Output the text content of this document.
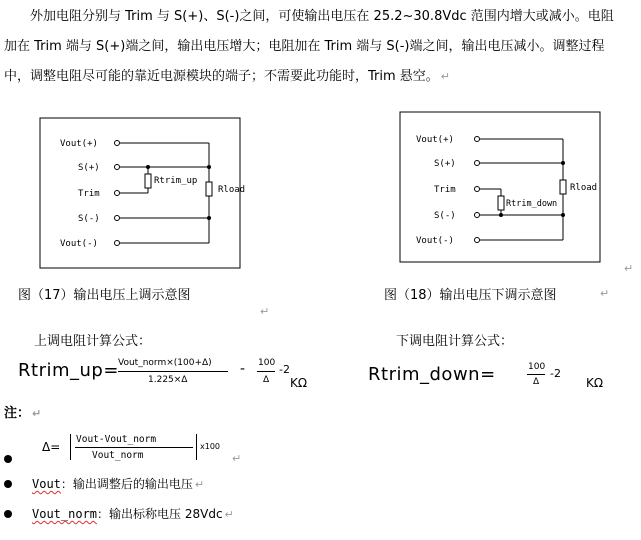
外加电阻分别与 Trim 与 S(+)、S(-)之间，可使输出电压在 25.2~30.8Vdc 范围内增大或减小。电阻

加在 Trim 端与 S(+)端之间，输出电压增大；电阻加在 Trim 端与 S(-)端之间，输出电压减小。调整过程

中，调整电阻尽可能的靠近电源模块的端子；不需要此功能时，Trim 悬空。 ↵

Vout(+)
S(+)
Trim
S(-)
Vout(-)
Rtrim_up
Rload
Vout(+)
S(+)
Trim
S(-)
Vout(-)
Rtrim_down
Rload
图（17）输出电压上调示意图	图（18）输出电压下调示意图	↵
↵
↵
上调电阻计算公式：	下调电阻计算公式：
Rtrim_up= Vout_norm×(100+Δ)
1.225×Δ
- 100
Δ
-2
KΩ	Rtrim_down=	100
Δ
-2
KΩ
注： ↵
Δ=
Vout-Vout_norm
Vout_norm
x100
↵
Vout：输出调整后的输出电压 ↵
Vout_norm：输出标称电压 28Vdc ↵
